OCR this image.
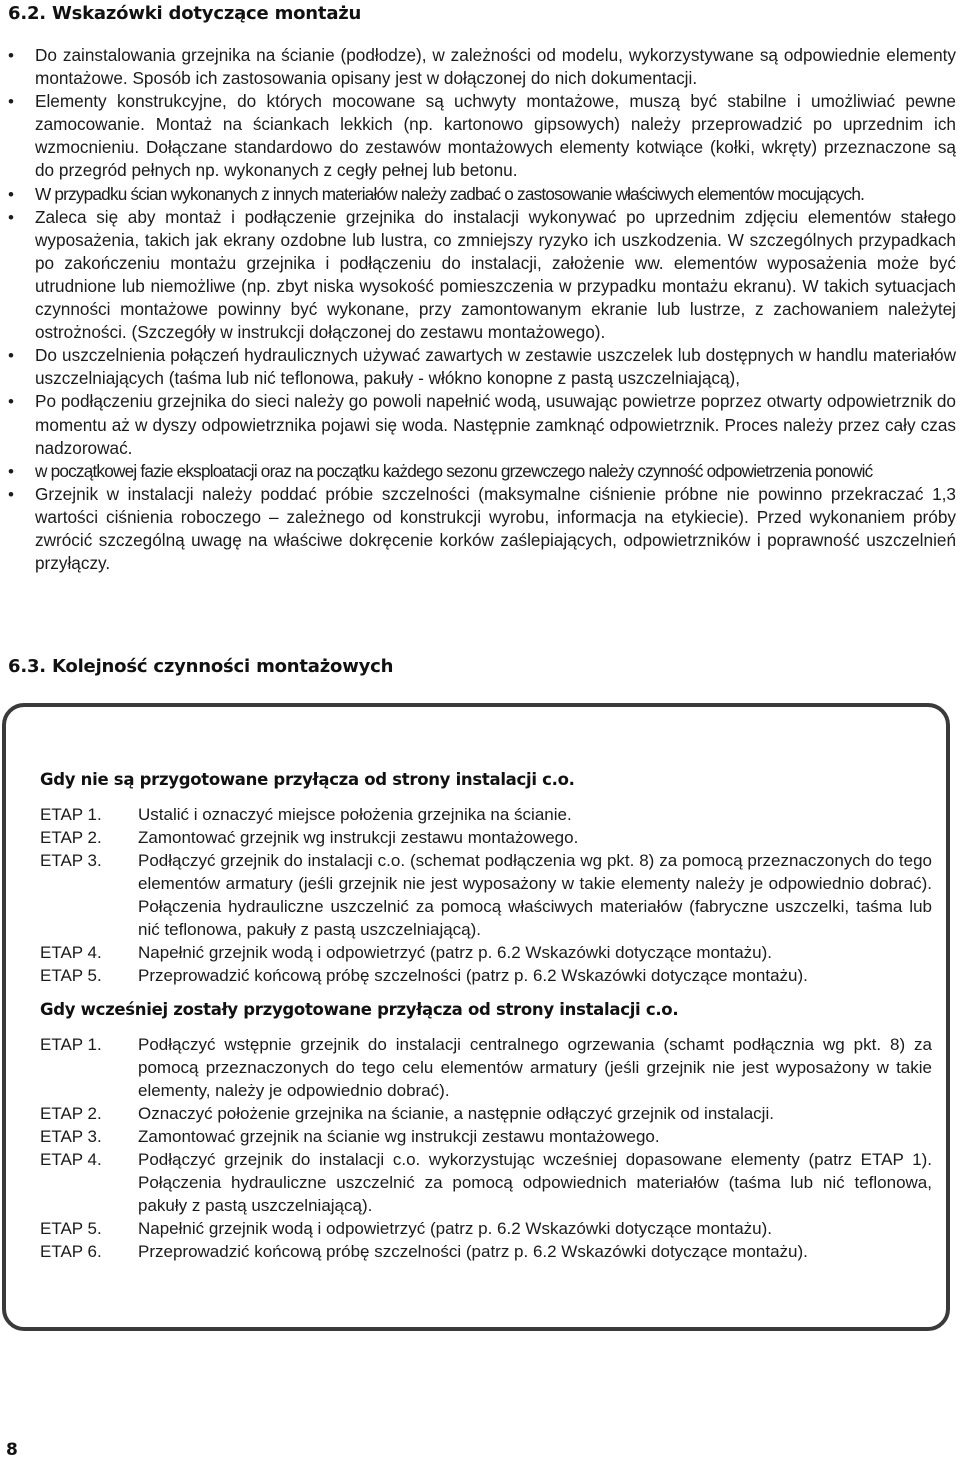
6.2. Wskazówki dotyczące montażu
• Do zainstalowania grzejnika na ścianie (podłodze), w zależności od modelu, wykorzystywane są odpowiednie elementy montażowe. Sposób ich zastosowania opisany jest w dołączonej do nich dokumentacji.
• Elementy konstrukcyjne, do których mocowane są uchwyty montażowe, muszą być stabilne i umożliwiać pewne zamocowanie. Montaż na ściankach lekkich (np. kartonowo gipsowych) należy przeprowadzić po uprzednim ich wzmocnieniu. Dołączane standardowo do zestawów montażowych elementy kotwiące (kołki, wkręty) przeznaczone są do przegród pełnych np. wykonanych z cegły pełnej lub betonu.
• W przypadku ścian wykonanych z innych materiałów należy zadbać o zastosowanie właściwych elementów mocujących.
• Zaleca się aby montaż i podłączenie grzejnika do instalacji wykonywać po uprzednim zdjęciu elementów stałego wyposażenia, takich jak ekrany ozdobne lub lustra, co zmniejszy ryzyko ich uszkodzenia. W szczególnych przypadkach po zakończeniu montażu grzejnika i podłączeniu do instalacji, założenie ww. elementów wyposażenia może być utrudnione lub niemożliwe (np. zbyt niska wysokość pomieszczenia w przypadku montażu ekranu). W takich sytuacjach czynności montażowe powinny być wykonane, przy zamontowanym ekranie lub lustrze, z zachowaniem należytej ostrożności. (Szczegóły w instrukcji dołączonej do zestawu montażowego).
• Do uszczelnienia połączeń hydraulicznych używać zawartych w zestawie uszczelek lub dostępnych w handlu materiałów uszczelniających (taśma lub nić teflonowa, pakuły - włókno konopne z pastą uszczelniającą),
• Po podłączeniu grzejnika do sieci należy go powoli napełnić wodą, usuwając powietrze poprzez otwarty odpowietrznik do momentu aż w dyszy odpowietrznika pojawi się woda. Następnie zamknąć odpowietrznik. Proces należy przez cały czas nadzorować.
• w początkowej fazie eksploatacji oraz na początku każdego sezonu grzewczego należy czynność odpowietrzenia ponowić
• Grzejnik w instalacji należy poddać próbie szczelności (maksymalne ciśnienie próbne nie powinno przekraczać 1,3 wartości ciśnienia roboczego – zależnego od konstrukcji wyrobu, informacja na etykiecie). Przed wykonaniem próby zwrócić szczególną uwagę na właściwe dokręcenie korków zaślepiających, odpowietrzników i poprawność uszczelnień przyłączy.
6.3. Kolejność czynności montażowych
Gdy nie są przygotowane przyłącza od strony instalacji c.o.
ETAP 1.	Ustalić i oznaczyć miejsce położenia grzejnika na ścianie.
ETAP 2.	Zamontować grzejnik wg instrukcji zestawu montażowego.
ETAP 3.	Podłączyć grzejnik do instalacji c.o. (schemat podłączenia wg pkt. 8) za pomocą przeznaczonych do tego elementów armatury (jeśli grzejnik nie jest wyposażony w takie elementy należy je odpowiednio dobrać). Połączenia hydrauliczne uszczelnić za pomocą właściwych materiałów (fabryczne uszczelki, taśma lub nić teflonowa, pakuły z pastą uszczelniającą).
ETAP 4.	Napełnić grzejnik wodą i odpowietrzyć (patrz p. 6.2 Wskazówki dotyczące montażu).
ETAP 5.	Przeprowadzić końcową próbę szczelności (patrz p. 6.2 Wskazówki dotyczące montażu).
Gdy wcześniej zostały przygotowane przyłącza od strony instalacji c.o.
ETAP 1.	Podłączyć wstępnie grzejnik do instalacji centralnego ogrzewania (schamt podłącznia wg pkt. 8) za pomocą przeznaczonych do tego celu elementów armatury (jeśli grzejnik nie jest wyposażony w takie elementy, należy je odpowiednio dobrać).
ETAP 2.	Oznaczyć położenie grzejnika na ścianie, a następnie odłączyć grzejnik od instalacji.
ETAP 3.	Zamontować grzejnik na ścianie wg instrukcji zestawu montażowego.
ETAP 4.	Podłączyć grzejnik do instalacji c.o. wykorzystując wcześniej dopasowane elementy (patrz ETAP 1). Połączenia hydrauliczne uszczelnić za pomocą odpowiednich materiałów (taśma lub nić teflonowa, pakuły z pastą uszczelniającą).
ETAP 5.	Napełnić grzejnik wodą i odpowietrzyć (patrz p. 6.2 Wskazówki dotyczące montażu).
ETAP 6.	Przeprowadzić końcową próbę szczelności (patrz p. 6.2 Wskazówki dotyczące montażu).
8
